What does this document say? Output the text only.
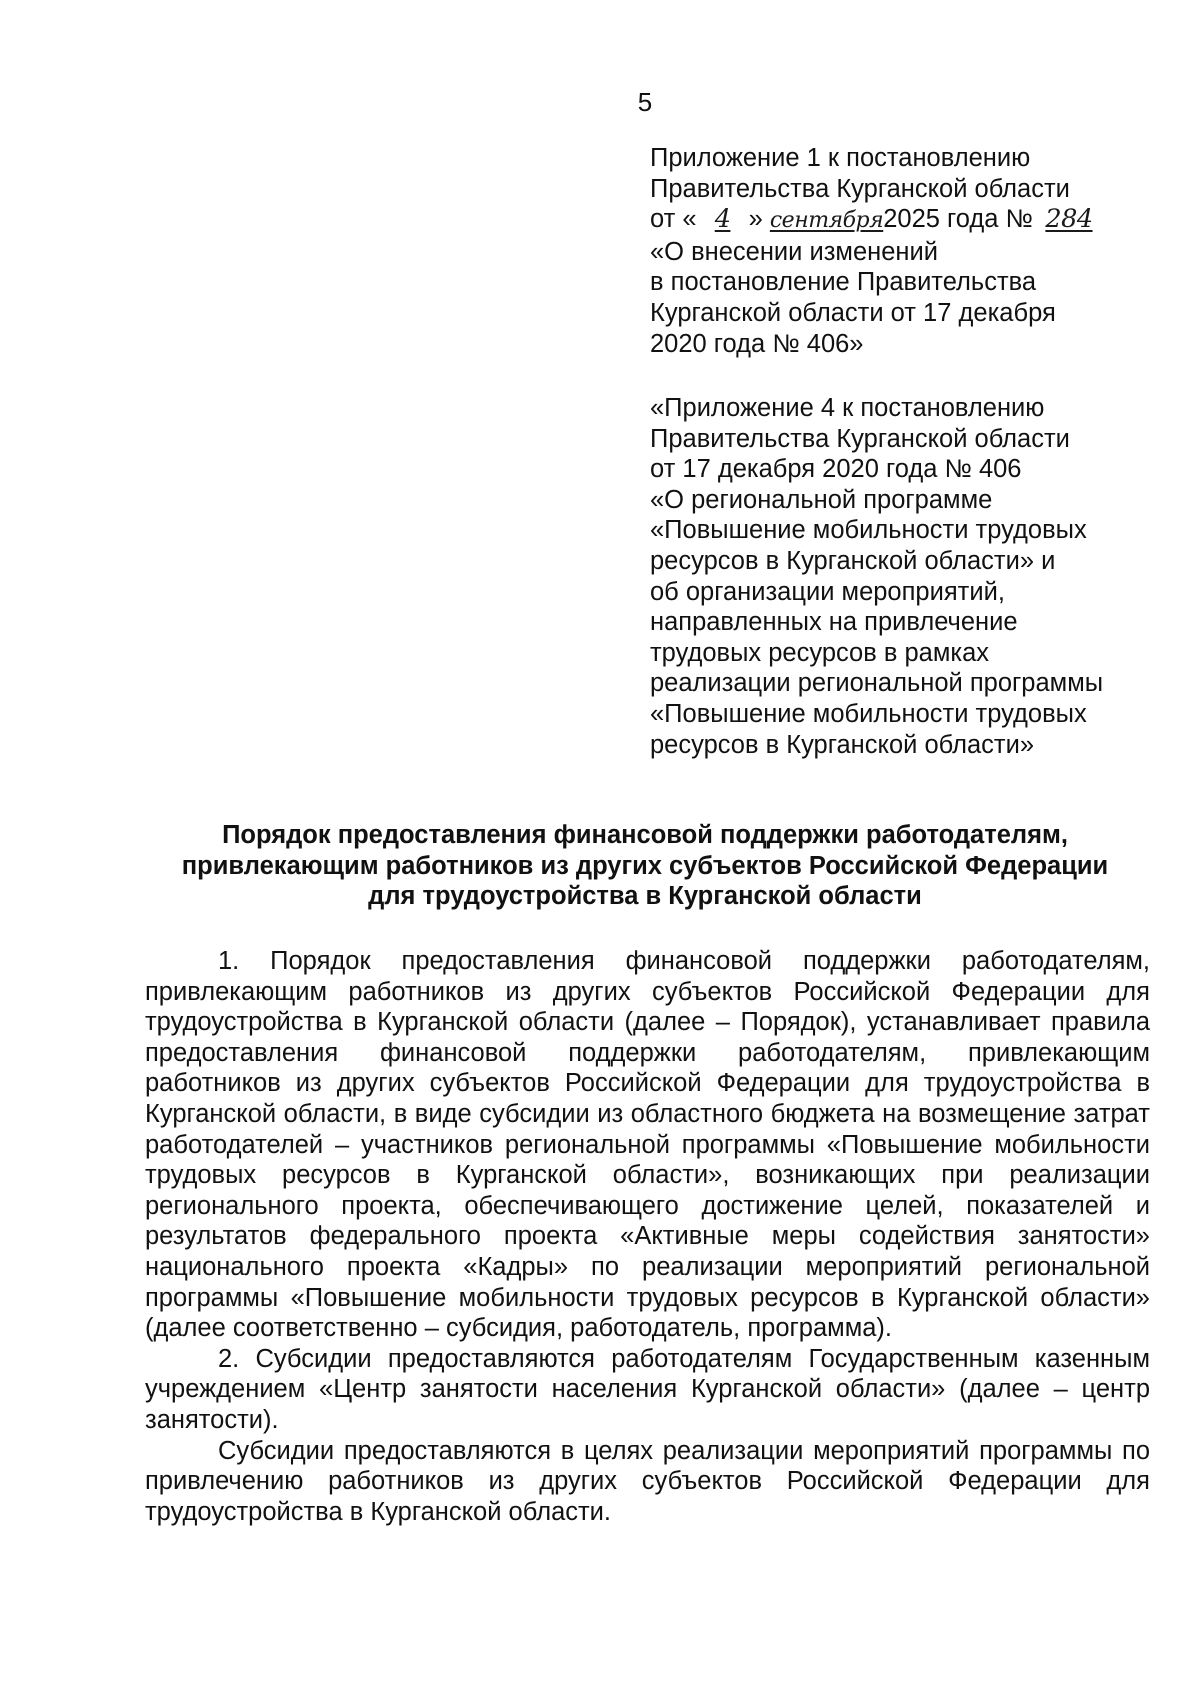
5
Приложение 1 к постановлению
Правительства Курганской области
от « 4 » сентября2025 года № 284
«О внесении изменений
в постановление Правительства
Курганской области от 17 декабря
2020 года № 406»
«Приложение 4 к постановлению
Правительства Курганской области
от 17 декабря 2020 года № 406
«О региональной программе
«Повышение мобильности трудовых
ресурсов в Курганской области» и
об организации мероприятий,
направленных на привлечение
трудовых ресурсов в рамках
реализации региональной программы
«Повышение мобильности трудовых
ресурсов в Курганской области»
Порядок предоставления финансовой поддержки работодателям,
привлекающим работников из других субъектов Российской Федерации
для трудоустройства в Курганской области

1. Порядок предоставления финансовой поддержки работодателям, привлекающим работников из других субъектов Российской Федерации для трудоустройства в Курганской области (далее – Порядок), устанавливает правила предоставления финансовой поддержки работодателям, привлекающим работников из других субъектов Российской Федерации для трудоустройства в Курганской области, в виде субсидии из областного бюджета на возмещение затрат работодателей – участников региональной программы «Повышение мобильности трудовых ресурсов в Курганской области», возникающих при реализации регионального проекта, обеспечивающего достижение целей, показателей и результатов федерального проекта «Активные меры содействия занятости» национального проекта «Кадры» по реализации мероприятий региональной программы «Повышение мобильности трудовых ресурсов в Курганской области» (далее соответственно – субсидия, работодатель, программа).

2. Субсидии предоставляются работодателям Государственным казенным учреждением «Центр занятости населения Курганской области» (далее – центр занятости).

Субсидии предоставляются в целях реализации мероприятий программы по привлечению работников из других субъектов Российской Федерации для трудоустройства в Курганской области.
